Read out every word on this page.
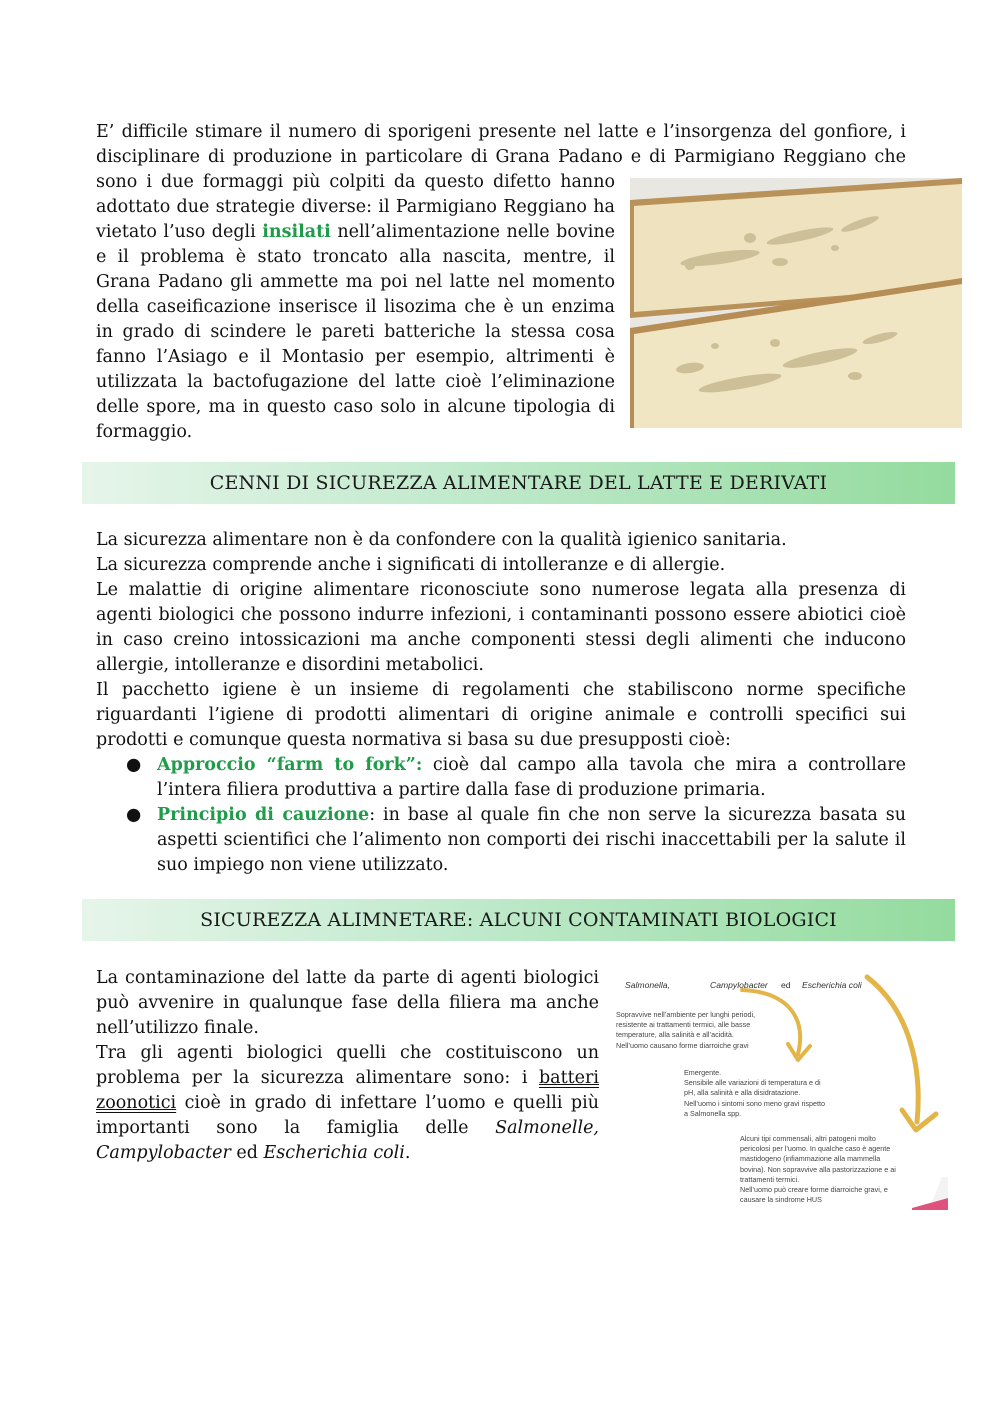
E’ difficile stimare il numero di sporigeni presente nel latte e l’insorgenza del gonfiore, i disciplinare di produzione in particolare di Grana Padano e di Parmigiano Reggiano che

sono i due formaggi più colpiti da questo difetto hanno adottato due strategie diverse: il Parmigiano Reggiano ha vietato l’uso degli insilati nell’alimentazione nelle bovine e il problema è stato troncato alla nascita, mentre, il Grana Padano gli ammette ma poi nel latte nel momento della caseificazione inserisce il lisozima che è un enzima in grado di scindere le pareti batteriche la stessa cosa fanno l’Asiago e il Montasio per esempio, altrimenti è utilizzata la bactofugazione del latte cioè l’eliminazione delle spore, ma in questo caso solo in alcune tipologia di formaggio.

CENNI DI SICUREZZA ALIMENTARE DEL LATTE E DERIVATI

La sicurezza alimentare non è da confondere con la qualità igienico sanitaria.

La sicurezza comprende anche i significati di intolleranze e di allergie.

Le malattie di origine alimentare riconosciute sono numerose legata alla presenza di agenti biologici che possono indurre infezioni, i contaminanti possono essere abiotici cioè in caso creino intossicazioni ma anche componenti stessi degli alimenti che inducono allergie, intolleranze e disordini metabolici.

Il pacchetto igiene è un insieme di regolamenti che stabiliscono norme specifiche riguardanti l’igiene di prodotti alimentari di origine animale e controlli specifici sui prodotti e comunque questa normativa si basa su due presupposti cioè:

● Approccio “farm to fork”: cioè dal campo alla tavola che mira a controllare l’intera filiera produttiva a partire dalla fase di produzione primaria.
● Principio di cauzione: in base al quale fin che non serve la sicurezza basata su aspetti scientifici che l’alimento non comporti dei rischi inaccettabili per la salute il suo impiego non viene utilizzato.
SICUREZZA ALIMNETARE: ALCUNI CONTAMINATI BIOLOGICI

La contaminazione del latte da parte di agenti biologici può avvenire in qualunque fase della filiera ma anche nell’utilizzo finale.

Tra gli agenti biologici quelli che costituiscono un problema per la sicurezza alimentare sono: i batteri zoonotici cioè in grado di infettare l’uomo e quelli più importanti sono la famiglia delle Salmonelle, Campylobacter ed Escherichia coli.

Salmonella,	Campylobacter ed Escherichia coli
Sopravvive nell’ambiente per lunghi periodi,
resistente ai trattamenti termici, alle basse
temperature, alla salinità e all’acidità.
Nell’uomo causano forme diarroiche gravi
Emergente.
Sensibile alle variazioni di temperatura e di
pH, alla salinità e alla disidratazione.
Nell’uomo i sintomi sono meno gravi rispetto
a Salmonella spp.
Alcuni tipi commensali, altri patogeni molto
pericolosi per l’uomo. In qualche caso è agente
mastidogeno (infiammazione alla mammella
bovina). Non sopravvive alla pastorizzazione e ai
trattamenti termici.
Nell’uomo può creare forme diarroiche gravi, e
causare la sindrome HUS
